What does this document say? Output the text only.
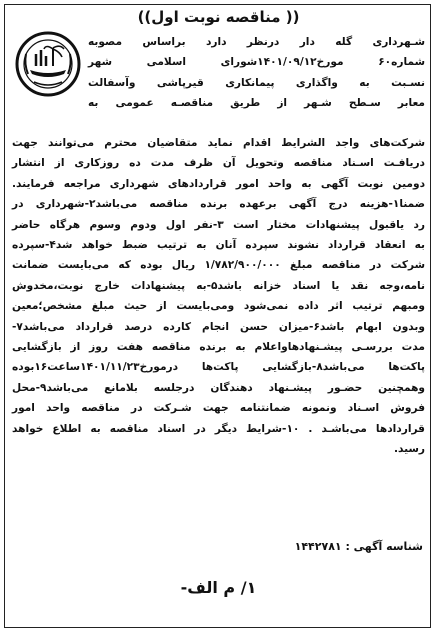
(( مناقصه نوبت اول))
شـهرداری گله دار درنظر دارد براساس مصوبه
شماره۶۰ مورخ۱۴۰۱/۰۹/۱۲شورای اسلامی شهر
نسـبت به واگذاری پیمانکاری قیرپاشی وآسفالت
معابر سـطح شـهر از طریق مناقصـه عمومی به
شرکت‌های واجد الشرایط اقدام نماید متقاضیان محترم می‌توانند جهت
دریافـت اسـناد مناقصه وتحویل آن ظرف مدت ده روزکاری از انتشار
دومین نوبت آگهی به واحد امور قراردادهای شهرداری مراجعه فرمایند.
ضمنا۱-هزینه درج آگهی برعهده برنده مناقصه می‌باشد۲-شهرداری در
رد یاقبول پیشنهادات مختار است ۳-نفر اول ودوم وسوم هرگاه حاضر
به انعقاد قرارداد نشوند سپرده آنان به ترتیب ضبط خواهد شد۴-سپرده
شرکت در مناقصه مبلغ ۱/۷۸۲/۹۰۰/۰۰۰ ریال بوده که می‌بایست ضمانت
نامه،وجه نقد یا اسناد خزانه باشد۵-به پیشنهادات خارج نوبت،مخدوش
ومبهم ترتیب اثر داده نمی‌شود ومی‌بایست از حیث مبلغ مشخص؛معین
وبدون ابهام باشد۶-میزان حسن انجام کارده درصد قرارداد می‌باشد۷-
مدت بررسـی پیشـنهادهاواعلام به برنده مناقصه هفت روز از بازگشایی
پاکت‌ها می‌باشد۸-بازگشایی پاکت‌ها درمورخ۱۴۰۱/۱۱/۲۳ساعت۱۶بوده
وهمچنین حضـور پیشـنهاد دهندگان درجلسه بلامانع می‌باشد۹-محل
فروش اسـناد ونمونه ضمانتنامه جهت شـرکت در مناقصه واحد امور
قراردادها می‌باشـد . ۱۰-شرایط دیگر در اسناد مناقصه به اطلاع خواهد
رسید.
شناسه آگهی : ۱۴۴۲۷۸۱
۱/ م الف-
